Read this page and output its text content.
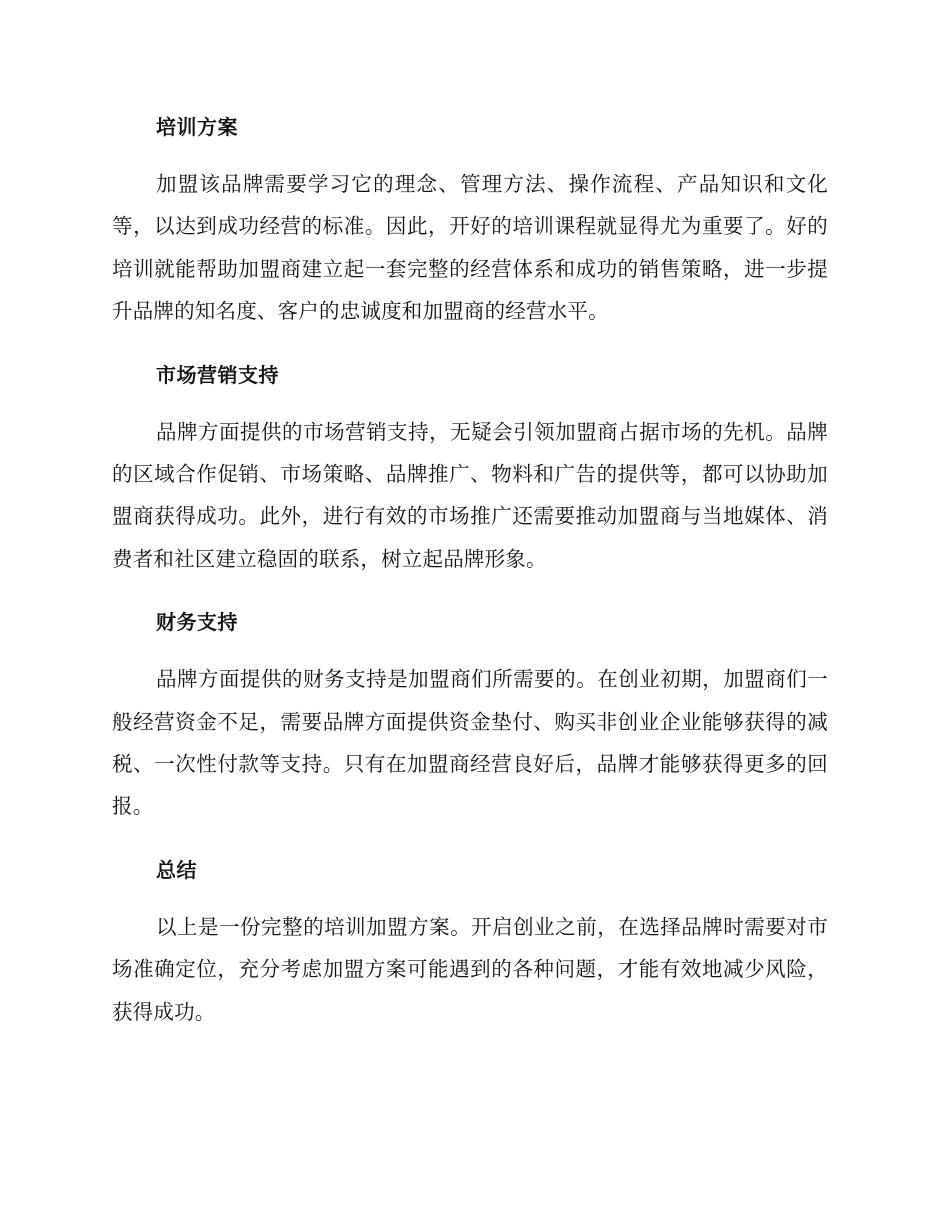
培训方案

加盟该品牌需要学习它的理念、管理方法、操作流程、产品知识和文化等，以达到成功经营的标准。因此，开好的培训课程就显得尤为重要了。好的培训就能帮助加盟商建立起一套完整的经营体系和成功的销售策略，进一步提升品牌的知名度、客户的忠诚度和加盟商的经营水平。

市场营销支持

品牌方面提供的市场营销支持，无疑会引领加盟商占据市场的先机。品牌的区域合作促销、市场策略、品牌推广、物料和广告的提供等，都可以协助加盟商获得成功。此外，进行有效的市场推广还需要推动加盟商与当地媒体、消费者和社区建立稳固的联系，树立起品牌形象。

财务支持

品牌方面提供的财务支持是加盟商们所需要的。在创业初期，加盟商们一般经营资金不足，需要品牌方面提供资金垫付、购买非创业企业能够获得的减税、一次性付款等支持。只有在加盟商经营良好后，品牌才能够获得更多的回报。

总结

以上是一份完整的培训加盟方案。开启创业之前，在选择品牌时需要对市场准确定位，充分考虑加盟方案可能遇到的各种问题，才能有效地减少风险，获得成功。
